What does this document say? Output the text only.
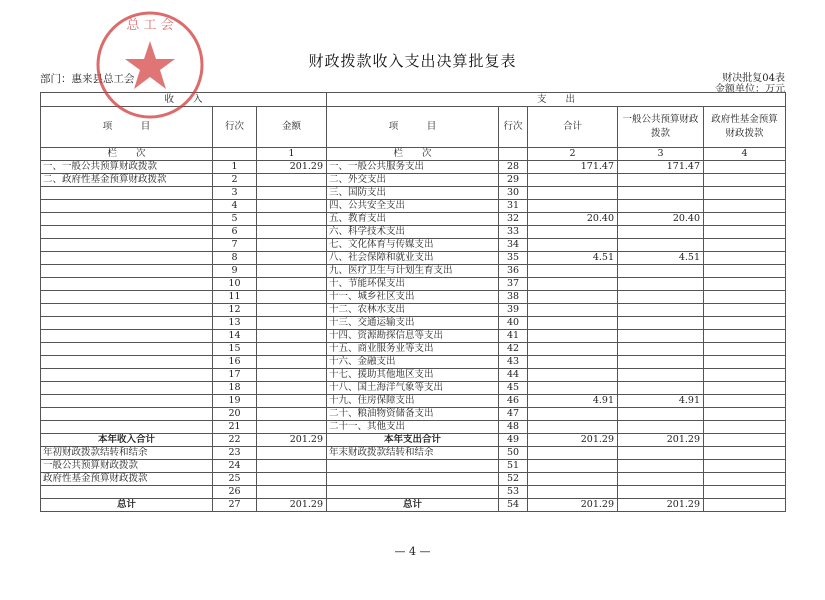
财政拨款收入支出决算批复表
部门：惠来县总工会	财决批复04表
金额单位：万元
收　　入			支　　出				
项　　　目	行次	金额	项　　　目	行次	合计	一般公共预算财政拨款	政府性基金预算财政拨款
栏　　次		1	栏　　次		2	3	4
一、一般公共预算财政拨款	1	201.29	一、一般公共服务支出	28	171.47	171.47	
二、政府性基金预算财政拨款	2		二、外交支出	29			
	3		三、国防支出	30			
	4		四、公共安全支出	31			
	5		五、教育支出	32	20.40	20.40	
	6		六、科学技术支出	33			
	7		七、文化体育与传媒支出	34			
	8		八、社会保障和就业支出	35	4.51	4.51	
	9		九、医疗卫生与计划生育支出	36			
	10		十、节能环保支出	37			
	11		十一、城乡社区支出	38			
	12		十二、农林水支出	39			
	13		十三、交通运输支出	40			
	14		十四、资源勘探信息等支出	41			
	15		十五、商业服务业等支出	42			
	16		十六、金融支出	43			
	17		十七、援助其他地区支出	44			
	18		十八、国土海洋气象等支出	45			
	19		十九、住房保障支出	46	4.91	4.91	
	20		二十、粮油物资储备支出	47			
	21		二十一、其他支出	48			
本年收入合计	22	201.29	本年支出合计	49	201.29	201.29	
年初财政拨款结转和结余	23		年末财政拨款结转和结余	50			
一般公共预算财政拨款	24			51			
政府性基金预算财政拨款	25			52			
	26			53			
总计	27	201.29	总计	54	201.29	201.29	
总 工 会
— 4 —
